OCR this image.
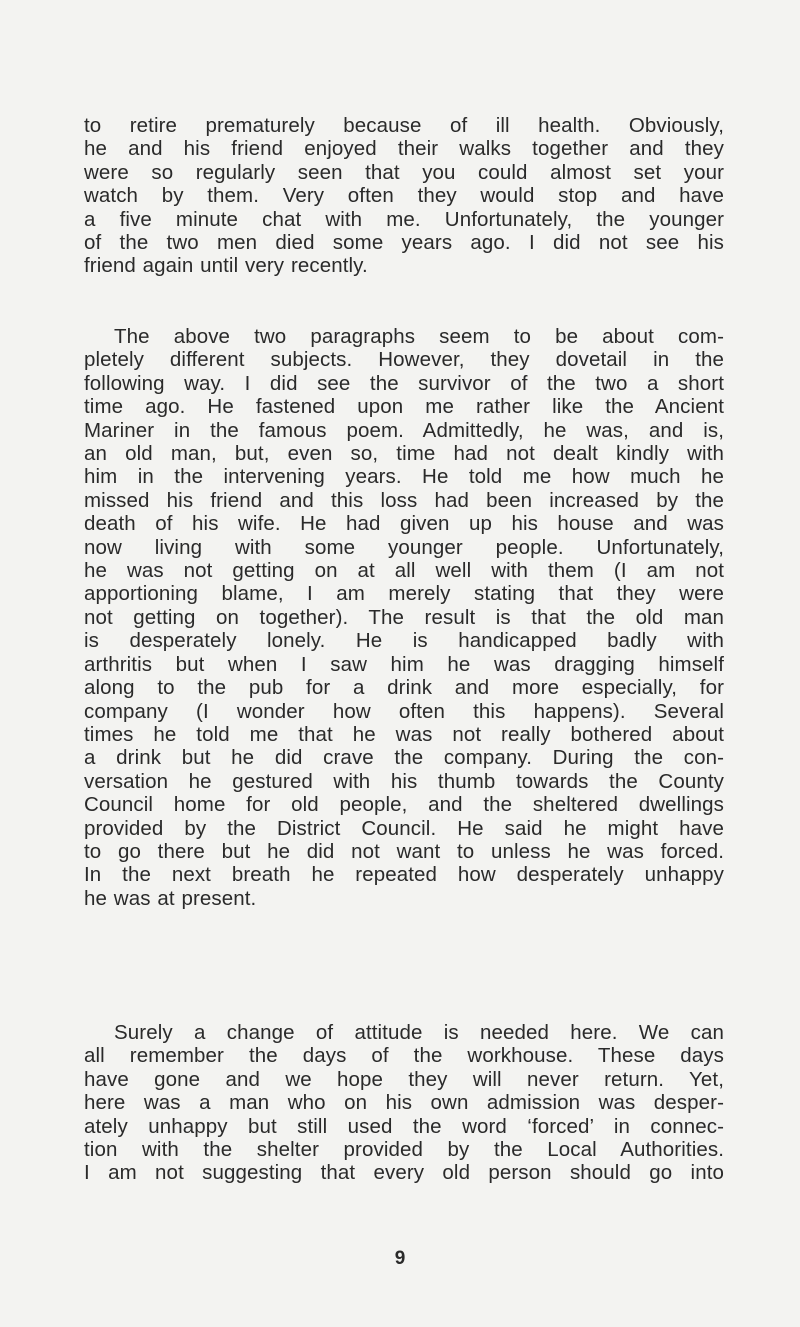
to retire prematurely because of ill health. Obviously,
he and his friend enjoyed their walks together and they
were so regularly seen that you could almost set your
watch by them. Very often they would stop and have
a five minute chat with me. Unfortunately, the younger
of the two men died some years ago. I did not see his
friend again until very recently.
The above two paragraphs seem to be about com-
pletely different subjects. However, they dovetail in the
following way. I did see the survivor of the two a short
time ago. He fastened upon me rather like the Ancient
Mariner in the famous poem. Admittedly, he was, and is,
an old man, but, even so, time had not dealt kindly with
him in the intervening years. He told me how much he
missed his friend and this loss had been increased by the
death of his wife. He had given up his house and was
now living with some younger people. Unfortunately,
he was not getting on at all well with them (I am not
apportioning blame, I am merely stating that they were
not getting on together). The result is that the old man
is desperately lonely. He is handicapped badly with
arthritis but when I saw him he was dragging himself
along to the pub for a drink and more especially, for
company (I wonder how often this happens). Several
times he told me that he was not really bothered about
a drink but he did crave the company. During the con-
versation he gestured with his thumb towards the County
Council home for old people, and the sheltered dwellings
provided by the District Council. He said he might have
to go there but he did not want to unless he was forced.
In the next breath he repeated how desperately unhappy
he was at present.
Surely a change of attitude is needed here. We can
all remember the days of the workhouse. These days
have gone and we hope they will never return. Yet,
here was a man who on his own admission was desper-
ately unhappy but still used the word ‘forced’ in connec-
tion with the shelter provided by the Local Authorities.
I am not suggesting that every old person should go into
9
